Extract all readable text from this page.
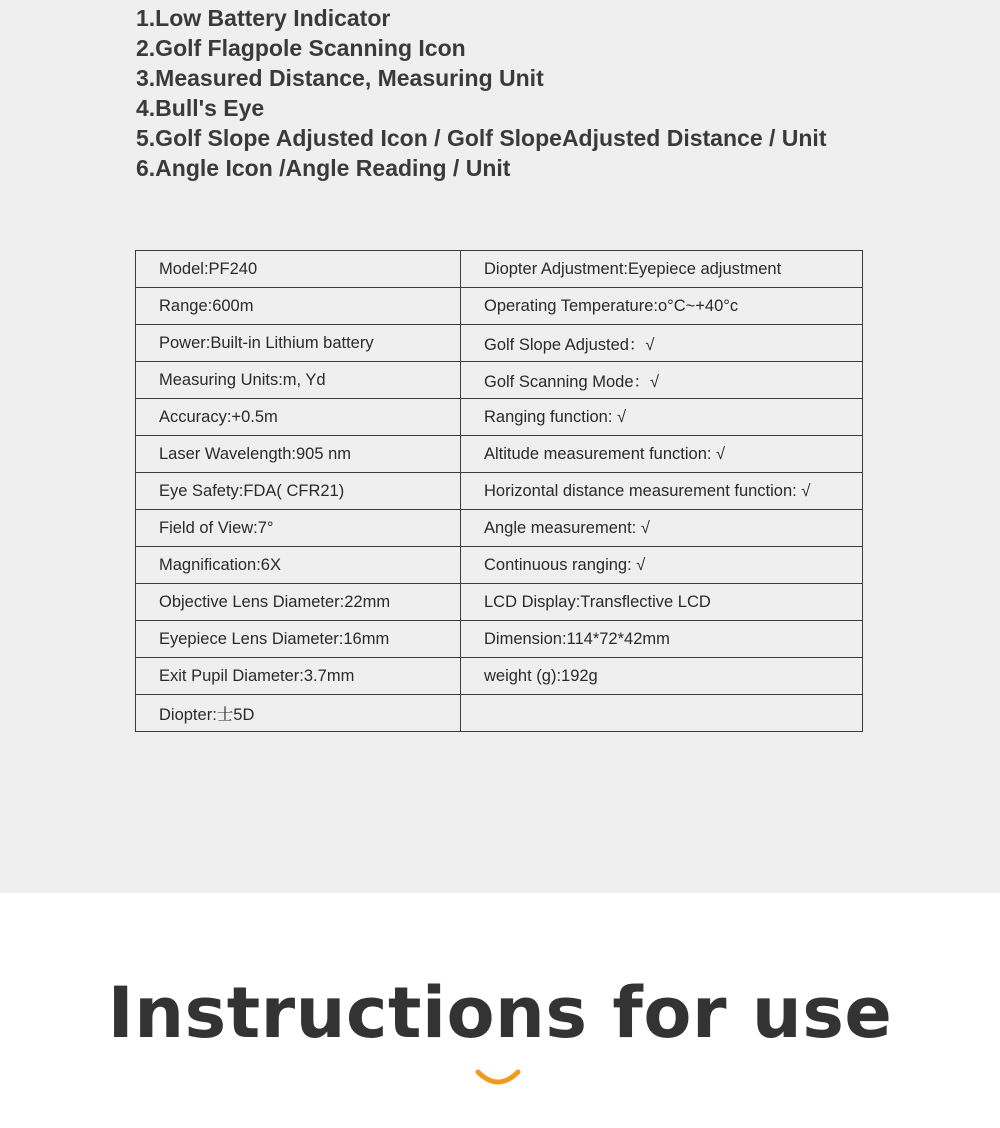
1.Low Battery Indicator
2.Golf Flagpole Scanning Icon
3.Measured Distance, Measuring Unit
4.Bull's Eye
5.Golf Slope Adjusted Icon / Golf SlopeAdjusted Distance / Unit
6.Angle Icon /Angle Reading / Unit
Model:PF240	Diopter Adjustment:Eyepiece adjustment
Range:600m	Operating Temperature:o°C~+40°c
Power:Built-in Lithium battery	Golf Slope Adjusted：√
Measuring Units:m, Yd	Golf Scanning Mode：√
Accuracy:+0.5m	Ranging function: √
Laser Wavelength:905 nm	Altitude measurement function: √
Eye Safety:FDA( CFR21)	Horizontal distance measurement function: √
Field of View:7°	Angle measurement: √
Magnification:6X	Continuous ranging: √
Objective Lens Diameter:22mm	LCD Display:Transflective LCD
Eyepiece Lens Diameter:16mm	Dimension:114*72*42mm
Exit Pupil Diameter:3.7mm	weight (g):192g
Diopter:士5D	
Instructions for use
